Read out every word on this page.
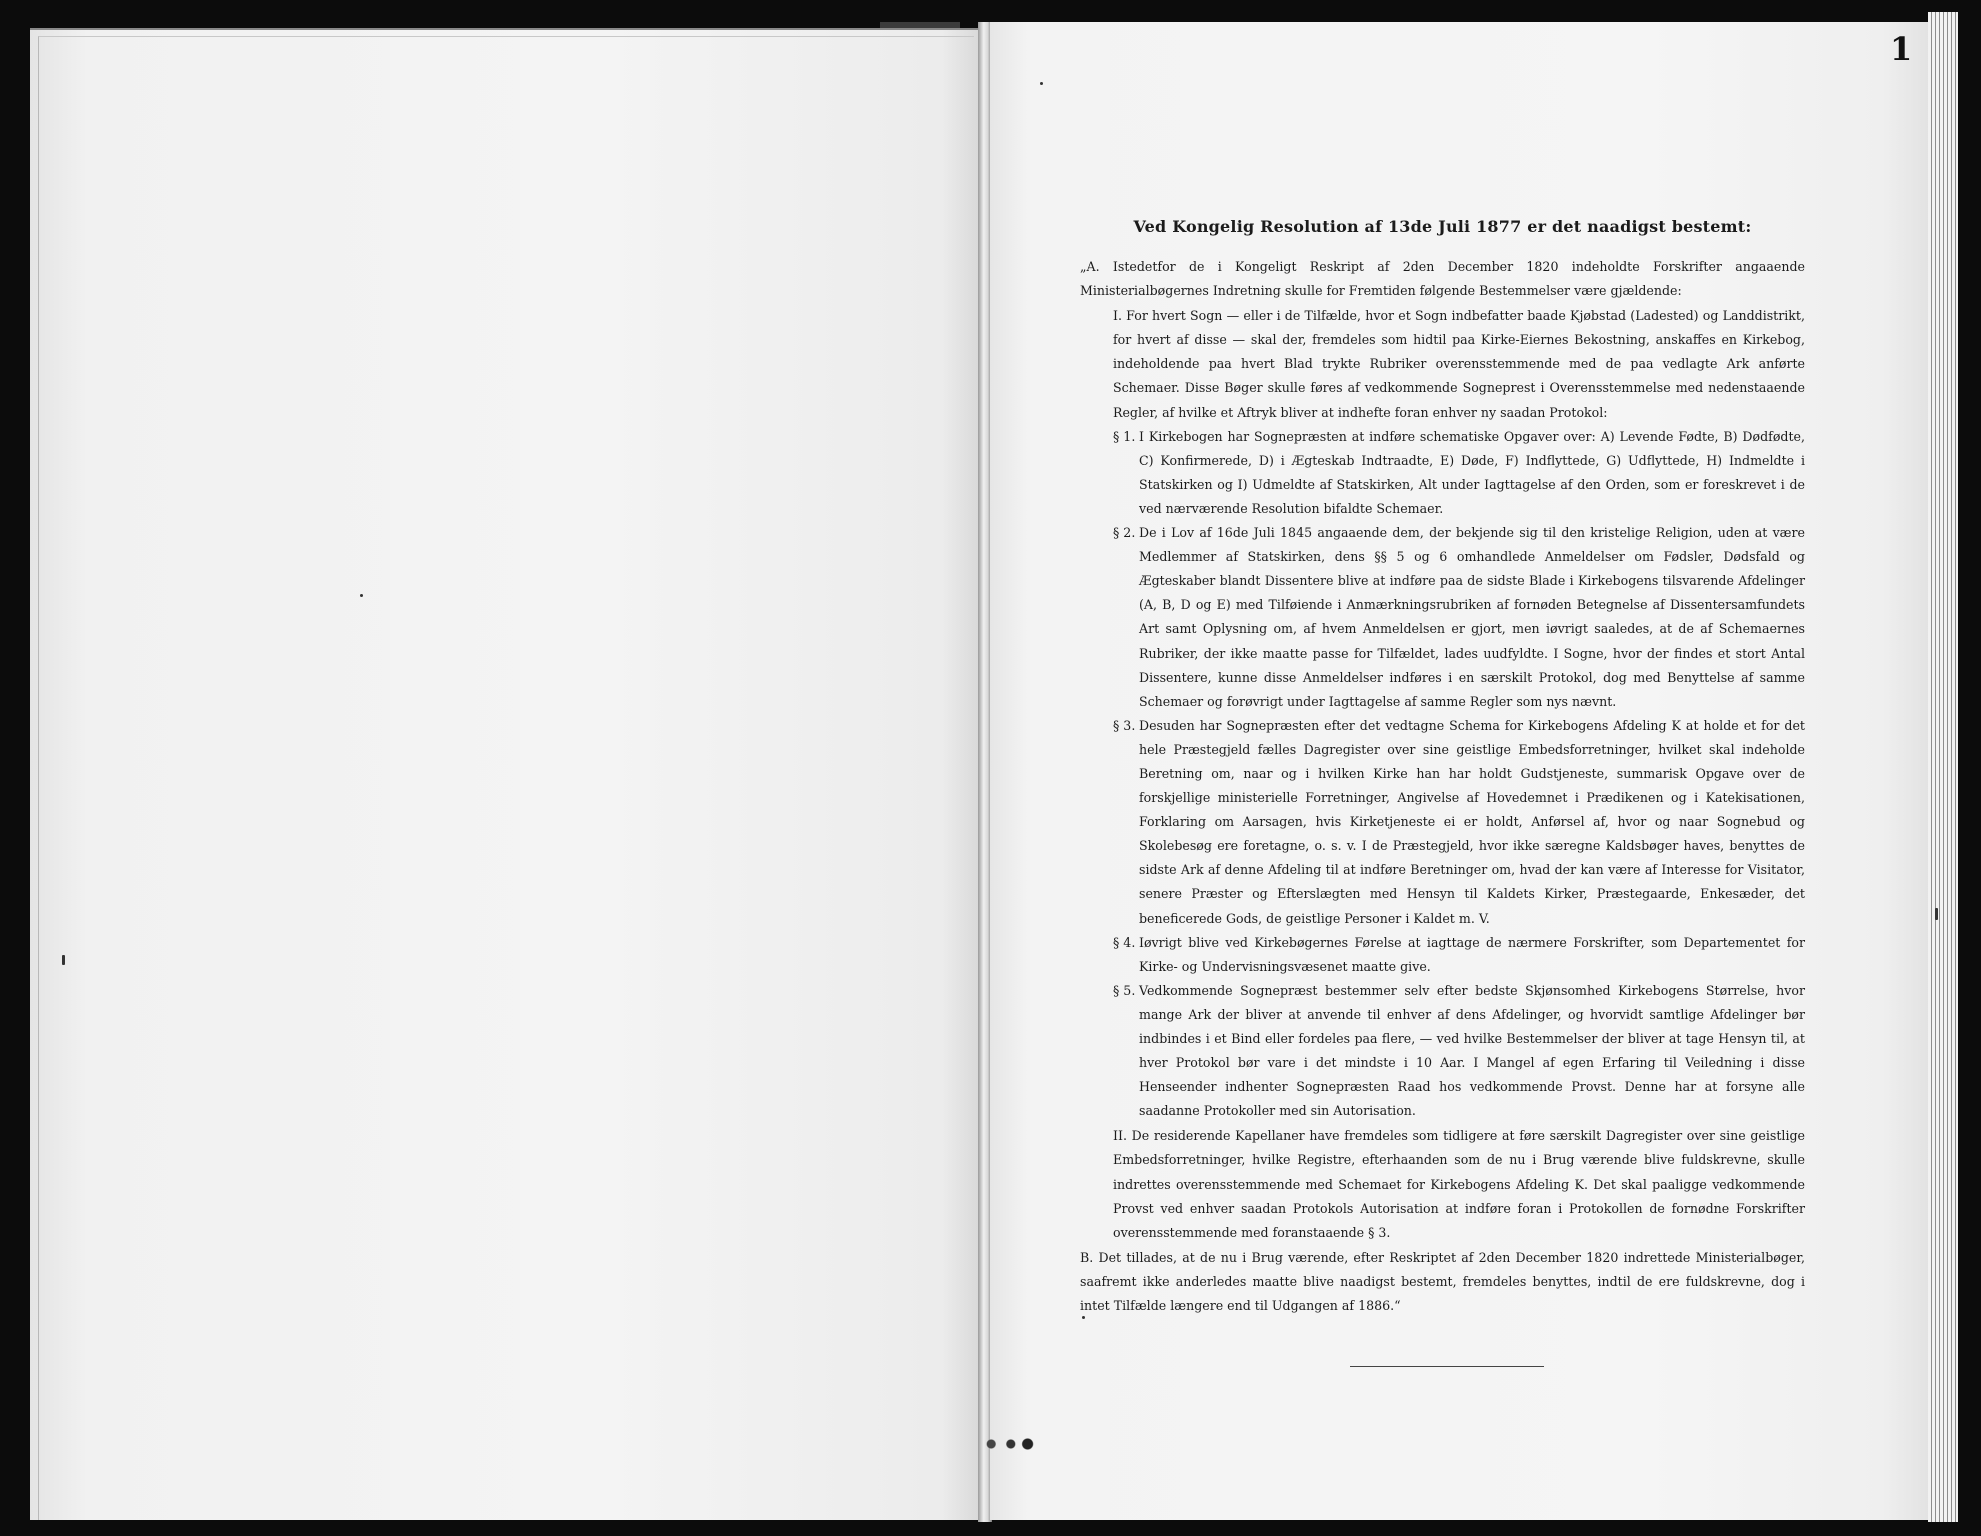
1
Ved Kongelig Resolution af 13de Juli 1877 er det naadigst bestemt:

„A. Istedetfor de i Kongeligt Reskript af 2den December 1820 indeholdte Forskrifter angaaende Ministerialbøgernes Indretning skulle for Fremtiden følgende Bestemmelser være gjældende:

I. For hvert Sogn — eller i de Tilfælde, hvor et Sogn indbefatter baade Kjøbstad (Ladested) og Landdistrikt, for hvert af disse — skal der, fremdeles som hidtil paa Kirke-Eiernes Bekostning, anskaffes en Kirkebog, indeholdende paa hvert Blad trykte Rubriker overensstemmende med de paa vedlagte Ark anførte Schemaer. Disse Bøger skulle føres af vedkommende Sogneprest i Overensstemmelse med nedenstaaende Regler, af hvilke et Aftryk bliver at indhefte foran enhver ny saadan Protokol:

§ 1. I Kirkebogen har Sognepræsten at indføre schematiske Opgaver over: A) Levende Fødte, B) Dødfødte, C) Konfirmerede, D) i Ægteskab Indtraadte, E) Døde, F) Indflyttede, G) Udflyttede, H) Indmeldte i Statskirken og I) Udmeldte af Statskirken, Alt under Iagttagelse af den Orden, som er foreskrevet i de ved nærværende Resolution bifaldte Schemaer.

§ 2. De i Lov af 16de Juli 1845 angaaende dem, der bekjende sig til den kristelige Religion, uden at være Medlemmer af Statskirken, dens §§ 5 og 6 omhandlede Anmeldelser om Fødsler, Dødsfald og Ægteskaber blandt Dissentere blive at indføre paa de sidste Blade i Kirkebogens tilsvarende Afdelinger (A, B, D og E) med Tilføiende i Anmærkningsrubriken af fornøden Betegnelse af Dissentersamfundets Art samt Oplysning om, af hvem Anmeldelsen er gjort, men iøvrigt saaledes, at de af Schemaernes Rubriker, der ikke maatte passe for Tilfældet, lades uudfyldte. I Sogne, hvor der findes et stort Antal Dissentere, kunne disse Anmeldelser indføres i en særskilt Protokol, dog med Benyttelse af samme Schemaer og forøvrigt under Iagttagelse af samme Regler som nys nævnt.

§ 3. Desuden har Sognepræsten efter det vedtagne Schema for Kirkebogens Afdeling K at holde et for det hele Præstegjeld fælles Dagregister over sine geistlige Embedsforretninger, hvilket skal indeholde Beretning om, naar og i hvilken Kirke han har holdt Gudstjeneste, summarisk Opgave over de forskjellige ministerielle Forretninger, Angivelse af Hovedemnet i Prædikenen og i Katekisationen, Forklaring om Aarsagen, hvis Kirketjeneste ei er holdt, Anførsel af, hvor og naar Sognebud og Skolebesøg ere foretagne, o. s. v. I de Præstegjeld, hvor ikke særegne Kaldsbøger haves, benyttes de sidste Ark af denne Afdeling til at indføre Beretninger om, hvad der kan være af Interesse for Visitator, senere Præster og Efterslægten med Hensyn til Kaldets Kirker, Præstegaarde, Enkesæder, det beneficerede Gods, de geistlige Personer i Kaldet m. V.

§ 4. Iøvrigt blive ved Kirkebøgernes Førelse at iagttage de nærmere Forskrifter, som Departementet for Kirke- og Undervisningsvæsenet maatte give.

§ 5. Vedkommende Sognepræst bestemmer selv efter bedste Skjønsomhed Kirkebogens Størrelse, hvor mange Ark der bliver at anvende til enhver af dens Afdelinger, og hvorvidt samtlige Afdelinger bør indbindes i et Bind eller fordeles paa flere, — ved hvilke Bestemmelser der bliver at tage Hensyn til, at hver Protokol bør vare i det mindste i 10 Aar. I Mangel af egen Erfaring til Veiledning i disse Henseender indhenter Sognepræsten Raad hos vedkommende Provst. Denne har at forsyne alle saadanne Protokoller med sin Autorisation.

II. De residerende Kapellaner have fremdeles som tidligere at føre særskilt Dagregister over sine geistlige Embedsforretninger, hvilke Registre, efterhaanden som de nu i Brug værende blive fuldskrevne, skulle indrettes overensstemmende med Schemaet for Kirkebogens Afdeling K. Det skal paaligge vedkommende Provst ved enhver saadan Protokols Autorisation at indføre foran i Protokollen de fornødne Forskrifter overensstemmende med foranstaaende § 3.

B. Det tillades, at de nu i Brug værende, efter Reskriptet af 2den December 1820 indrettede Ministerialbøger, saafremt ikke anderledes maatte blive naadigst bestemt, fremdeles benyttes, indtil de ere fuldskrevne, dog i intet Tilfælde længere end til Udgangen af 1886.“
